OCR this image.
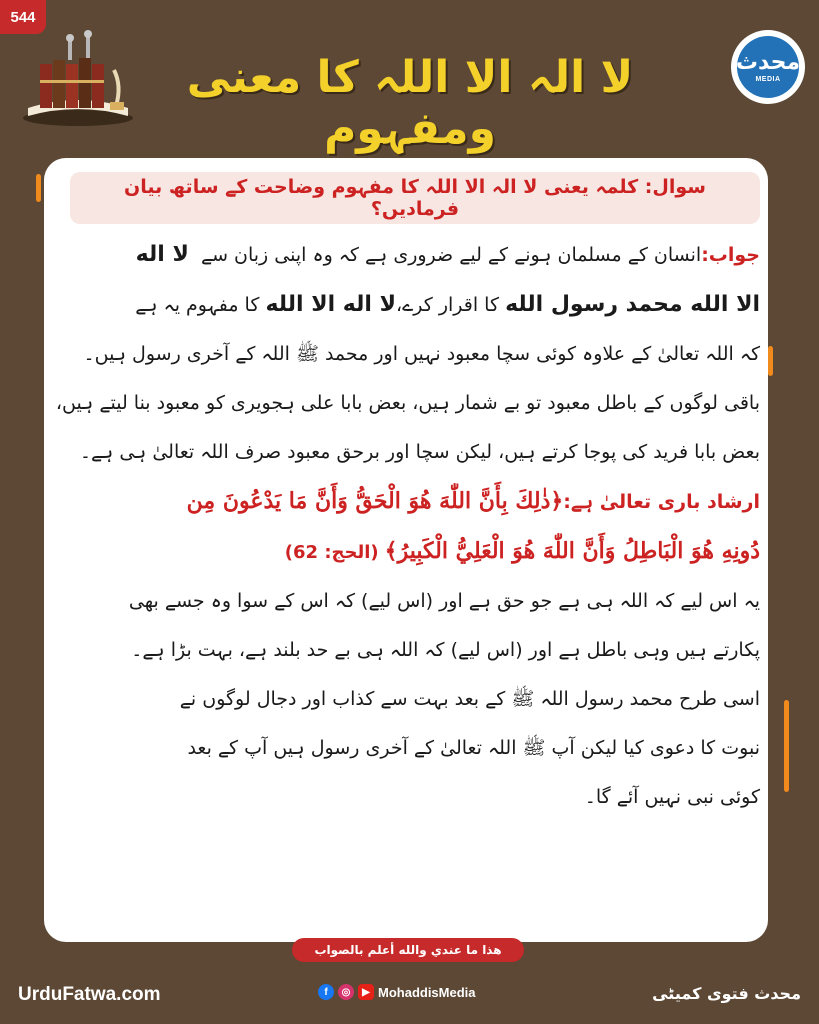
544
محدث
MEDIA
لا الہ الا اللہ کا معنی ومفہوم
سوال: کلمہ یعنی لا الہ الا اللہ کا مفہوم وضاحت کے ساتھ بیان فرمادیں؟
جواب:انسان کے مسلمان ہونے کے لیے ضروری ہے کہ وہ اپنی زبان سے  لا اله
الا الله محمد رسول الله کا اقرار کرے،لا اله الا الله کا مفہوم یہ ہے
کہ اللہ تعالیٰ کے علاوہ کوئی سچا معبود نہیں اور محمد ﷺ اللہ کے آخری رسول ہیں۔
باقی لوگوں کے باطل معبود تو بے شمار ہیں، بعض بابا علی ہجویری کو معبود بنا لیتے ہیں،
بعض بابا فرید کی پوجا کرتے ہیں، لیکن سچا اور برحق معبود صرف اللہ تعالیٰ ہی ہے۔
ارشاد باری تعالیٰ ہے:﴿ذٰلِكَ بِأَنَّ اللّٰهَ هُوَ الْحَقُّ وَأَنَّ مَا يَدْعُونَ مِن
دُونِهِ هُوَ الْبَاطِلُ وَأَنَّ اللّٰهَ هُوَ الْعَلِيُّ الْكَبِيرُ﴾ (الحج: 62)
یہ اس لیے کہ اللہ ہی ہے جو حق ہے اور (اس لیے) کہ اس کے سوا وہ جسے بھی
پکارتے ہیں وہی باطل ہے اور (اس لیے) کہ اللہ ہی بے حد بلند ہے، بہت بڑا ہے۔
اسی طرح محمد رسول اللہ ﷺ کے بعد بہت سے کذاب اور دجال لوگوں نے
نبوت کا دعوی کیا لیکن آپ ﷺ اللہ تعالیٰ کے آخری رسول ہیں آپ کے بعد
کوئی نبی نہیں آئے گا۔
هذا ما عندي والله أعلم بالصواب
UrduFatwa.com	f	◎	▶ MohaddisMedia	محدث فتوی کمیٹی
